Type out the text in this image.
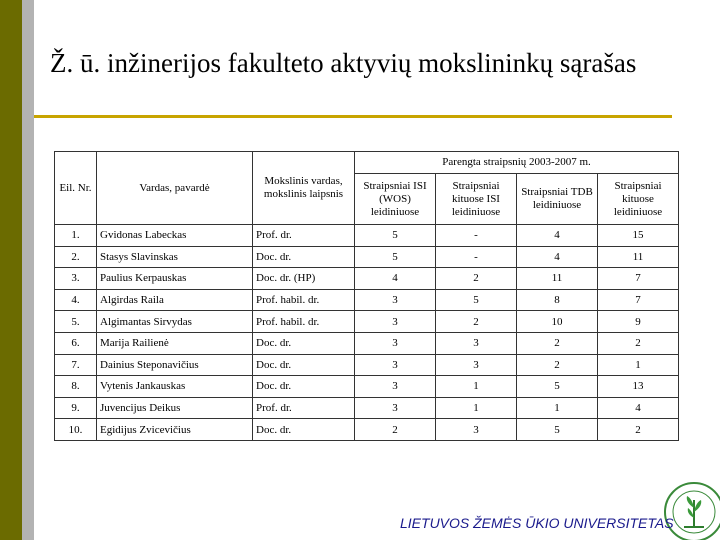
Ž. ū. inžinerijos fakulteto aktyvių mokslininkų sąrašas
Eil. Nr.	Vardas, pavardė	Mokslinis vardas, mokslinis laipsnis	Parengta straipsnių 2003-2007 m.			
			Straipsniai ISI (WOS) leidiniuose	Straipsniai kituose ISI leidiniuose	Straipsniai TDB leidiniuose	Straipsniai kituose leidiniuose
1.	Gvidonas Labeckas	Prof. dr.	5	-	4	15
2.	Stasys Slavinskas	Doc. dr.	5	-	4	11
3.	Paulius Kerpauskas	Doc. dr. (HP)	4	2	11	7
4.	Algirdas Raila	Prof. habil. dr.	3	5	8	7
5.	Algimantas Sirvydas	Prof. habil. dr.	3	2	10	9
6.	Marija Railienė	Doc. dr.	3	3	2	2
7.	Dainius Steponavičius	Doc. dr.	3	3	2	1
8.	Vytenis Jankauskas	Doc. dr.	3	1	5	13
9.	Juvencijus Deikus	Prof. dr.	3	1	1	4
10.	Egidijus Zvicevičius	Doc. dr.	2	3	5	2
LIETUVOS ŽEMĖS ŪKIO UNIVERSITETAS
